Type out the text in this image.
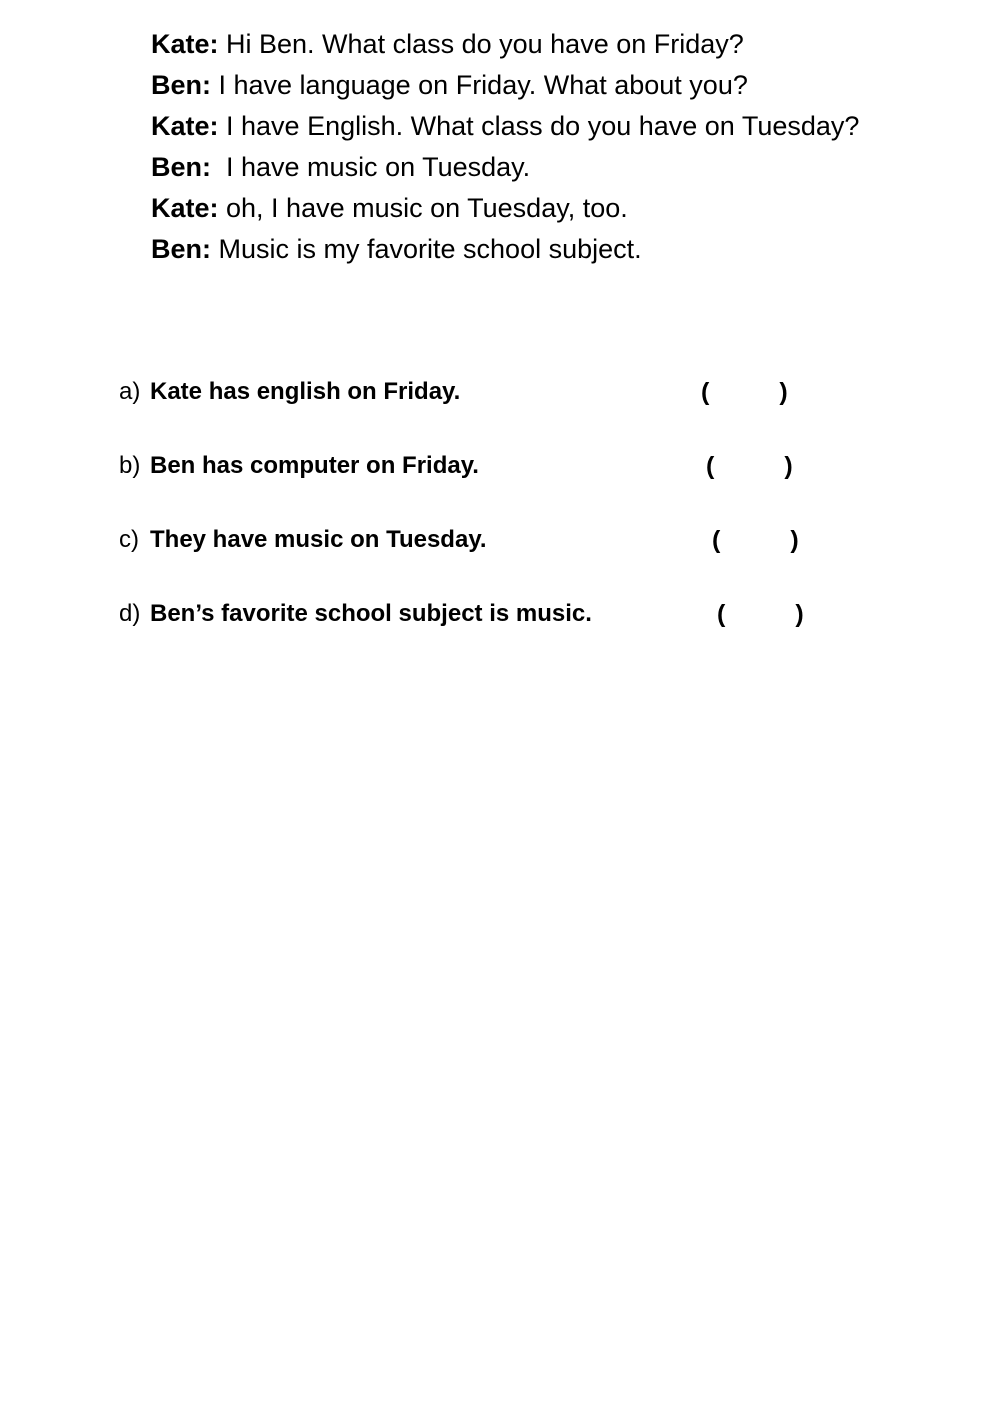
Kate: Hi Ben. What class do you have on Friday?
Ben: I have language on Friday. What about you?
Kate: I have English. What class do you have on Tuesday?
Ben:  I have music on Tuesday.
Kate: oh, I have music on Tuesday, too.
Ben: Music is my favorite school subject.
a) Kate has english on Friday.	(	)
b) Ben has computer on Friday.	(	)
c) They have music on Tuesday.	(	)
d) Ben’s favorite school subject is music.	(	)
